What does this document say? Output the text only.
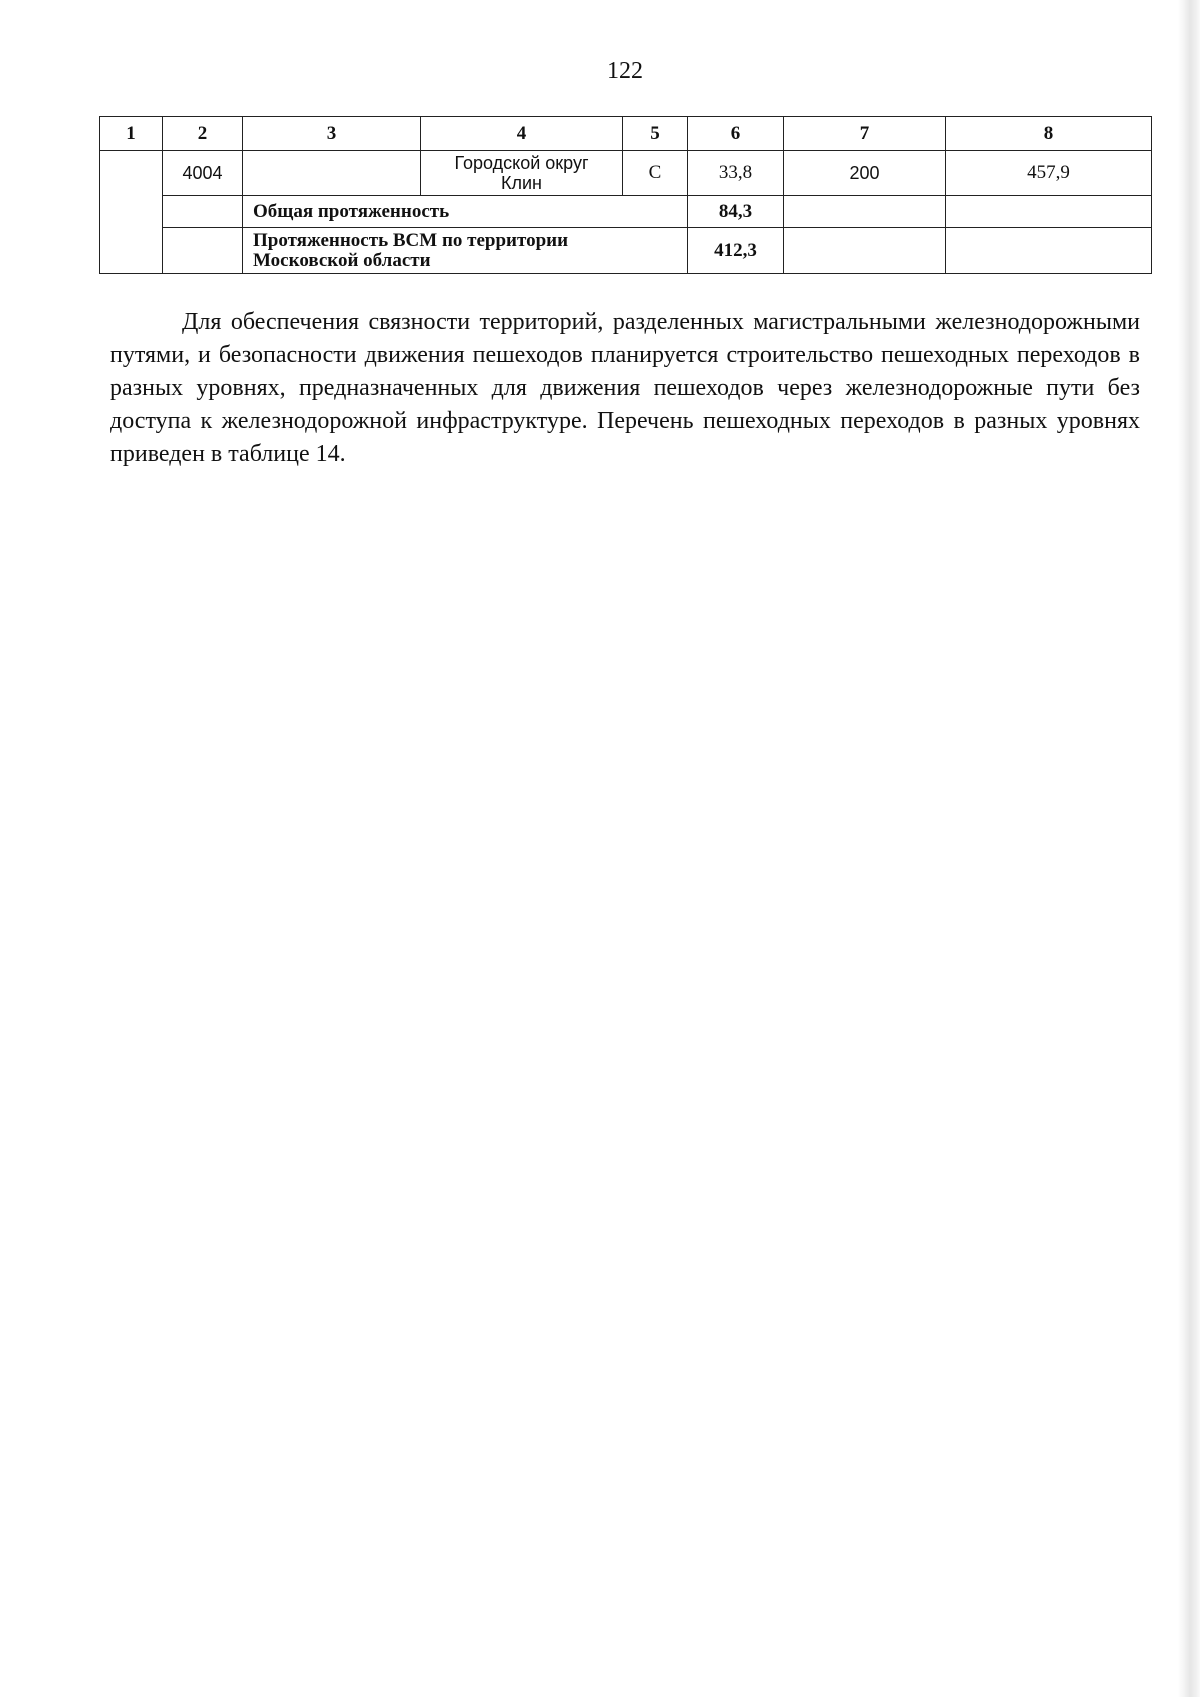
122
1	2	3	4	5	6	7	8
	4004		Городской округ
Клин	С	33,8	200	457,9
		Общая протяженность			84,3		

		Протяженность ВСМ по территории
Московской области			412,3		

Для обеспечения связности территорий, разделенных магистральными железнодорожными путями, и безопасности движения пешеходов планируется строительство пешеходных переходов в разных уровнях, предназначенных для движения пешеходов через железнодорожные пути без доступа к железнодорожной инфраструктуре. Перечень пешеходных переходов в разных уровнях приведен в таблице 14.
